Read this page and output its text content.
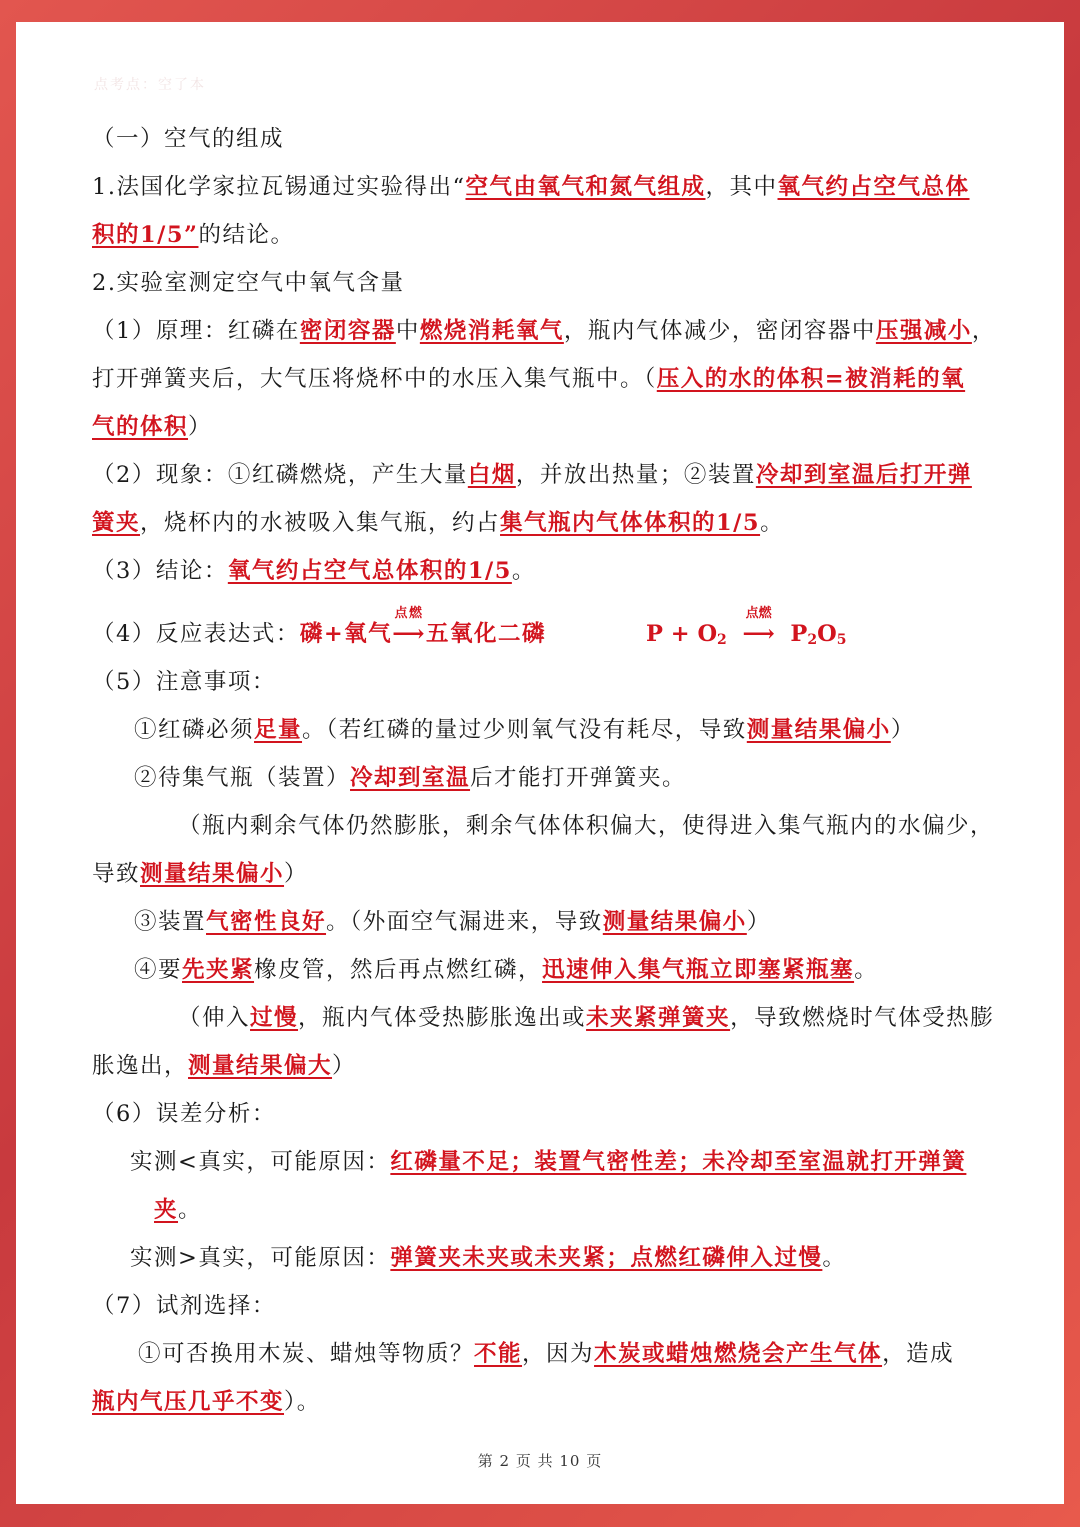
点考点：空了本
（一）空气的组成
1.法国化学家拉瓦锡通过实验得出“空气由氧气和氮气组成，其中氧气约占空气总体
积的1/5”的结论。
2.实验室测定空气中氧气含量
（1）原理：红磷在密闭容器中燃烧消耗氧气，瓶内气体减少，密闭容器中压强减小，
打开弹簧夹后，大气压将烧杯中的水压入集气瓶中。（压入的水的体积=被消耗的氧
气的体积）
（2）现象：①红磷燃烧，产生大量白烟，并放出热量；②装置冷却到室温后打开弹
簧夹，烧杯内的水被吸入集气瓶，约占集气瓶内气体体积的1/5。
（3）结论：氧气约占空气总体积的1/5。
（4）反应表达式：磷+氧气
点燃
⟶五氧化二磷	$P + O_2$
点燃
⟶ $P_2O_5$
（5）注意事项：
①红磷必须足量。（若红磷的量过少则氧气没有耗尽，导致测量结果偏小）
②待集气瓶（装置）冷却到室温后才能打开弹簧夹。
（瓶内剩余气体仍然膨胀，剩余气体体积偏大，使得进入集气瓶内的水偏少，
导致测量结果偏小）
③装置气密性良好。（外面空气漏进来，导致测量结果偏小）
④要先夹紧橡皮管，然后再点燃红磷，迅速伸入集气瓶立即塞紧瓶塞。
（伸入过慢，瓶内气体受热膨胀逸出或未夹紧弹簧夹，导致燃烧时气体受热膨
胀逸出，测量结果偏大）
（6）误差分析：
实测<真实，可能原因：红磷量不足；装置气密性差；未冷却至室温就打开弹簧
夹。
实测>真实，可能原因：弹簧夹未夹或未夹紧；点燃红磷伸入过慢。
（7）试剂选择：
①可否换用木炭、蜡烛等物质？不能，因为木炭或蜡烛燃烧会产生气体，造成
瓶内气压几乎不变）。
第 2 页 共 10 页
